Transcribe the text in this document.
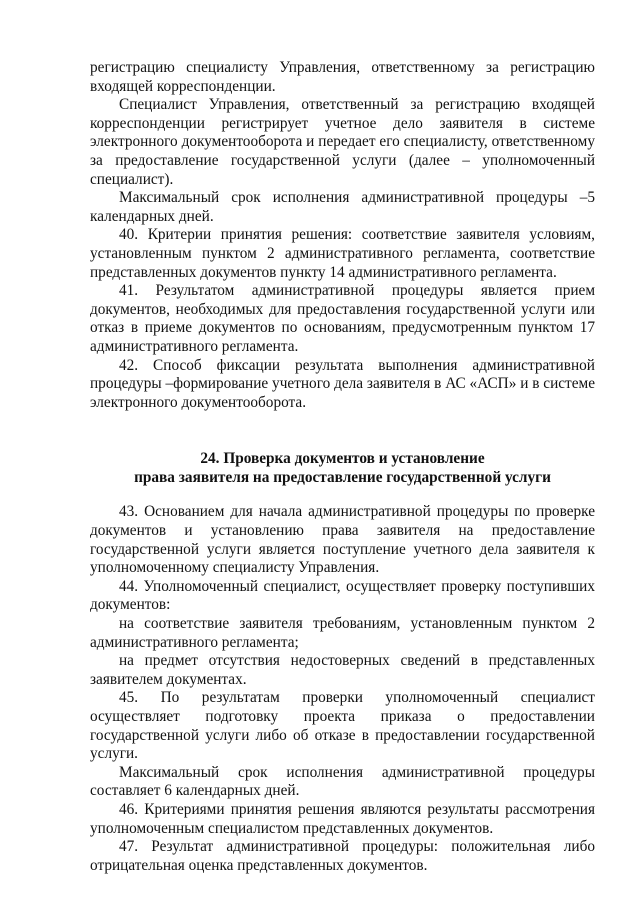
регистрацию специалисту Управления, ответственному за регистрацию входящей корреспонденции.

Специалист Управления, ответственный за регистрацию входящей корреспонденции регистрирует учетное дело заявителя в системе электронного документооборота и передает его специалисту, ответственному за предоставление государственной услуги (далее – уполномоченный специалист).

Максимальный срок исполнения административной процедуры –5 календарных дней.

40. Критерии принятия решения: соответствие заявителя условиям, установленным пунктом 2 административного регламента, соответствие представленных документов пункту 14 административного регламента.

41. Результатом административной процедуры является прием документов, необходимых для предоставления государственной услуги или отказ в приеме документов по основаниям, предусмотренным пунктом 17 административного регламента.

42. Способ фиксации результата выполнения административной процедуры –формирование учетного дела заявителя в АС «АСП» и в системе электронного документооборота.

24. Проверка документов и установление

права заявителя на предоставление государственной услуги

43. Основанием для начала административной процедуры по проверке документов и установлению права заявителя на предоставление государственной услуги является поступление учетного дела заявителя к уполномоченному специалисту Управления.

44. Уполномоченный специалист, осуществляет проверку поступивших документов:

на соответствие заявителя требованиям, установленным пунктом 2 административного регламента;

на предмет отсутствия недостоверных сведений в представленных заявителем документах.

45. По результатам проверки уполномоченный специалист осуществляет подготовку проекта приказа о предоставлении государственной услуги либо об отказе в предоставлении государственной услуги.

Максимальный срок исполнения административной процедуры составляет 6 календарных дней.

46. Критериями принятия решения являются результаты рассмотрения уполномоченным специалистом представленных документов.

47. Результат административной процедуры: положительная либо отрицательная оценка представленных документов.
